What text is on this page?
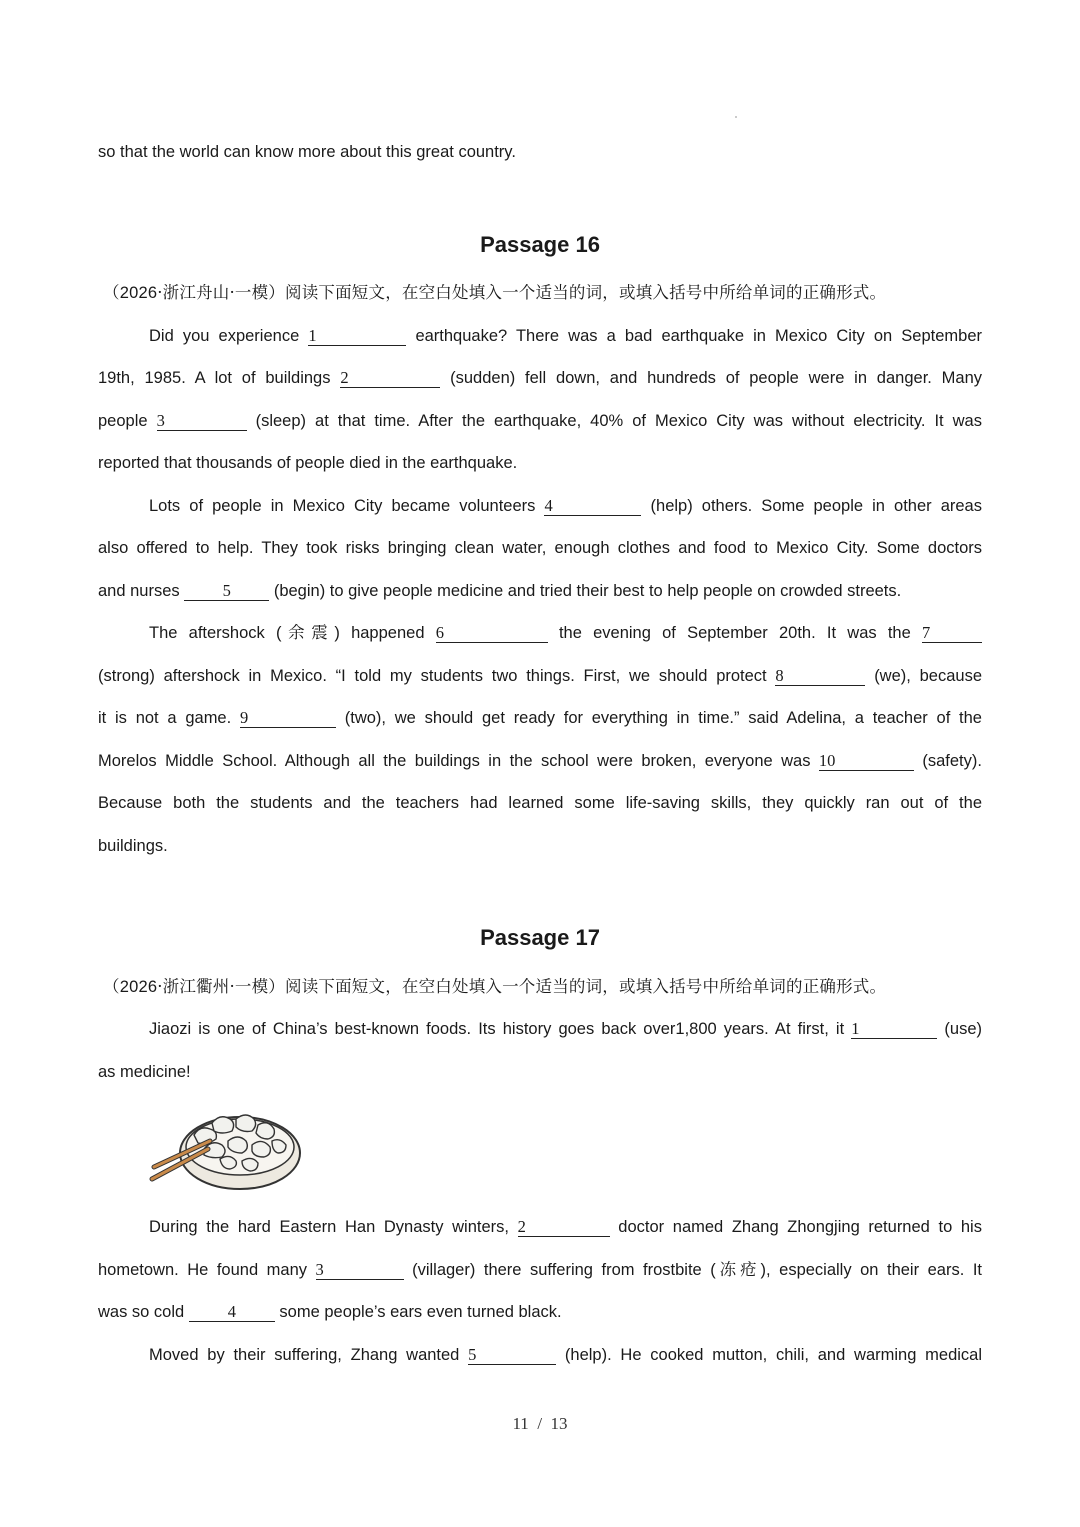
so that the world can know more about this great country.
Passage 16
（2026·浙江舟山·一模）阅读下面短文，在空白处填入一个适当的词，或填入括号中所给单词的正确形式。
Did you experience 1	earthquake? There was a bad earthquake in Mexico City on September
19th, 1985. A lot of buildings 2	(sudden) fell down, and hundreds of people were in danger. Many
people 3	(sleep) at that time. After the earthquake, 40% of Mexico City was without electricity. It was
reported that thousands of people died in the earthquake.
Lots of people in Mexico City became volunteers 4	(help) others. Some people in other areas
also offered to help. They took risks bringing clean water, enough clothes and food to Mexico City. Some doctors
and nurses	5	(begin) to give people medicine and tried their best to help people on crowded streets.
The aftershock (余震) happened 6	the evening of September 20th. It was the 7
(strong) aftershock in Mexico. “I told my students two things. First, we should protect 8	(we), because
it is not a game. 9	(two), we should get ready for everything in time.” said Adelina, a teacher of the
Morelos Middle School. Although all the buildings in the school were broken, everyone was 10	(safety).
Because both the students and the teachers had learned some life-saving skills, they quickly ran out of the
buildings.
Passage 17
（2026·浙江衢州·一模）阅读下面短文，在空白处填入一个适当的词，或填入括号中所给单词的正确形式。
Jiaozi is one of China’s best-known foods. Its history goes back over1,800 years. At first, it 1	(use)
as medicine!
During the hard Eastern Han Dynasty winters, 2	doctor named Zhang Zhongjing returned to his
hometown. He found many 3	(villager) there suffering from frostbite (冻疮), especially on their ears. It
was so cold	4	some people’s ears even turned black.
Moved by their suffering, Zhang wanted 5	(help). He cooked mutton, chili, and warming medical
11 / 13
